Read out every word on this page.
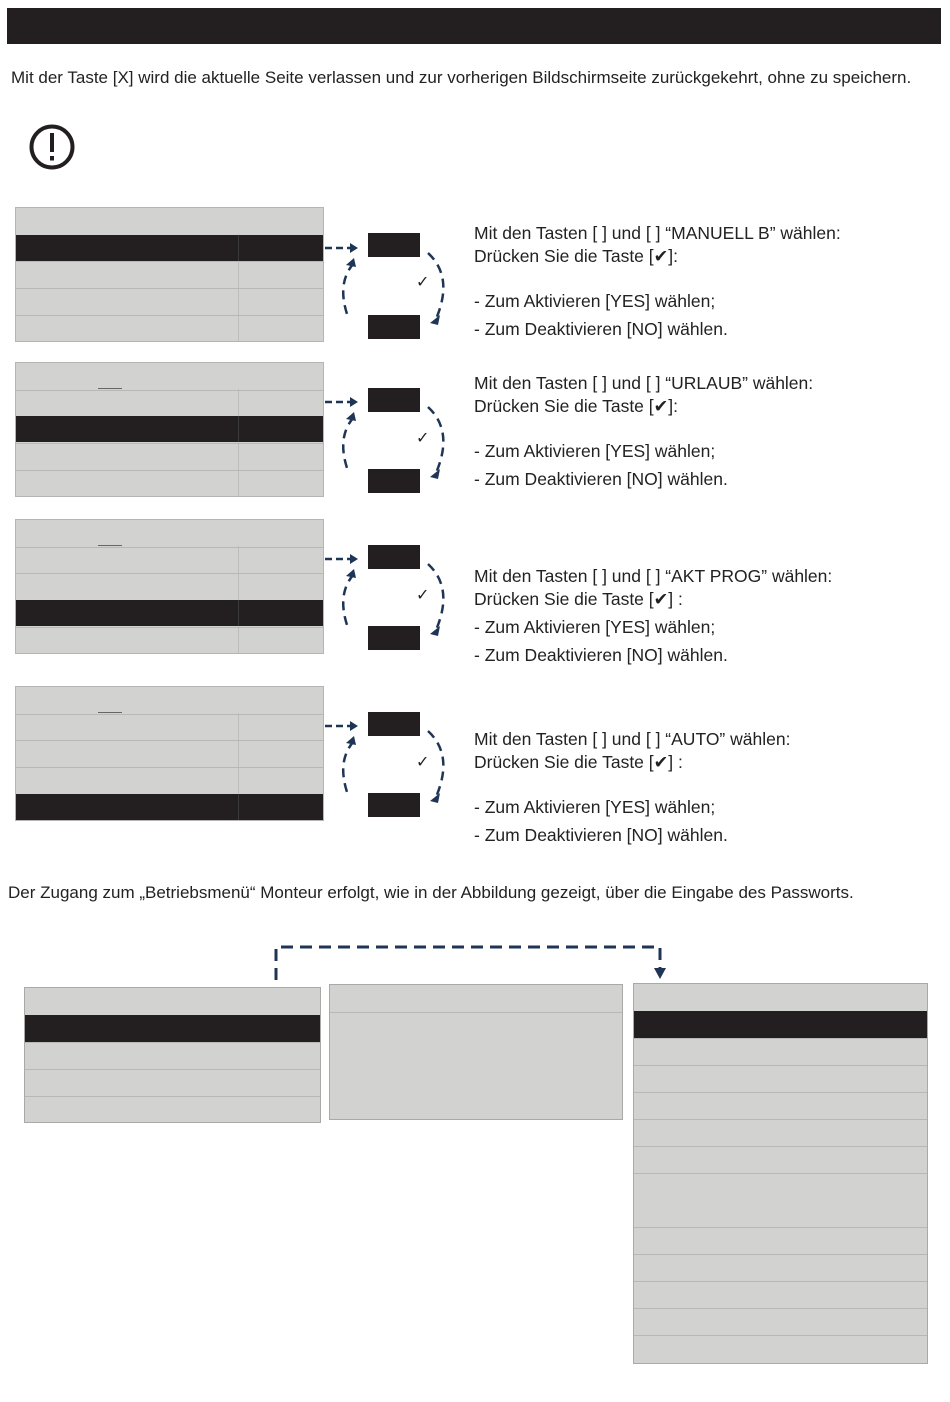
Mit der Taste [X] wird die aktuelle Seite verlassen und zur vorherigen Bildschirmseite zurückgekehrt, ohne zu speichern.
✓
Mit den Tasten [ ] und [ ] “MANUELL B” wählen:
Drücken Sie die Taste [✔]:
- Zum Aktivieren [YES] wählen;
- Zum Deaktivieren [NO] wählen.
✓
Mit den Tasten [ ] und [ ] “URLAUB” wählen:
Drücken Sie die Taste [✔]:
- Zum Aktivieren [YES] wählen;
- Zum Deaktivieren [NO] wählen.
✓
Mit den Tasten [ ] und [ ] “AKT PROG” wählen:
Drücken Sie die Taste [✔] :
- Zum Aktivieren [YES] wählen;
- Zum Deaktivieren [NO] wählen.
✓
Mit den Tasten [ ] und [ ] “AUTO” wählen:
Drücken Sie die Taste [✔] :
- Zum Aktivieren [YES] wählen;
- Zum Deaktivieren [NO] wählen.
Der Zugang zum „Betriebsmenü“ Monteur erfolgt, wie in der Abbildung gezeigt, über die Eingabe des Passworts.
